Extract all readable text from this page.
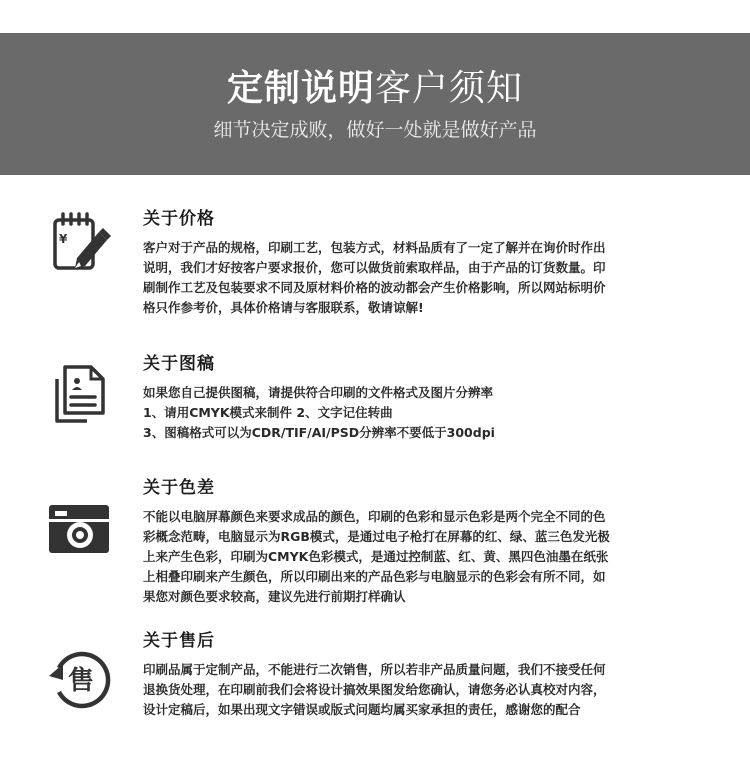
定制说明客户须知
细节决定成败，做好一处就是做好产品
¥
关于价格
客户对于产品的规格，印刷工艺，包装方式，材料品质有了一定了解并在询价时作出
说明，我们才好按客户要求报价，您可以做货前索取样品，由于产品的订货数量。印
刷制作工艺及包装要求不同及原材料价格的波动都会产生价格影响，所以网站标明价
格只作参考价，具体价格请与客服联系，敬请谅解!
关于图稿
如果您自己提供图稿，请提供符合印刷的文件格式及图片分辨率
1、请用CMYK模式来制件 2、文字记住转曲
3、图稿格式可以为CDR/TIF/AI/PSD分辨率不要低于300dpi
关于色差
不能以电脑屏幕颜色来要求成品的颜色，印刷的色彩和显示色彩是两个完全不同的色
彩概念范畴，电脑显示为RGB模式，是通过电子枪打在屏幕的红、绿、蓝三色发光极
上来产生色彩，印刷为CMYK色彩模式，是通过控制蓝、红、黄、黑四色油墨在纸张
上相叠印刷来产生颜色，所以印刷出来的产品色彩与电脑显示的色彩会有所不同，如
果您对颜色要求较高，建议先进行前期打样确认
售
关于售后
印刷品属于定制产品，不能进行二次销售，所以若非产品质量问题，我们不接受任何
退换货处理，在印刷前我们会将设计搞效果图发给您确认，请您务必认真校对内容，
设计定稿后，如果出现文字错误或版式问题均属买家承担的责任，感谢您的配合
